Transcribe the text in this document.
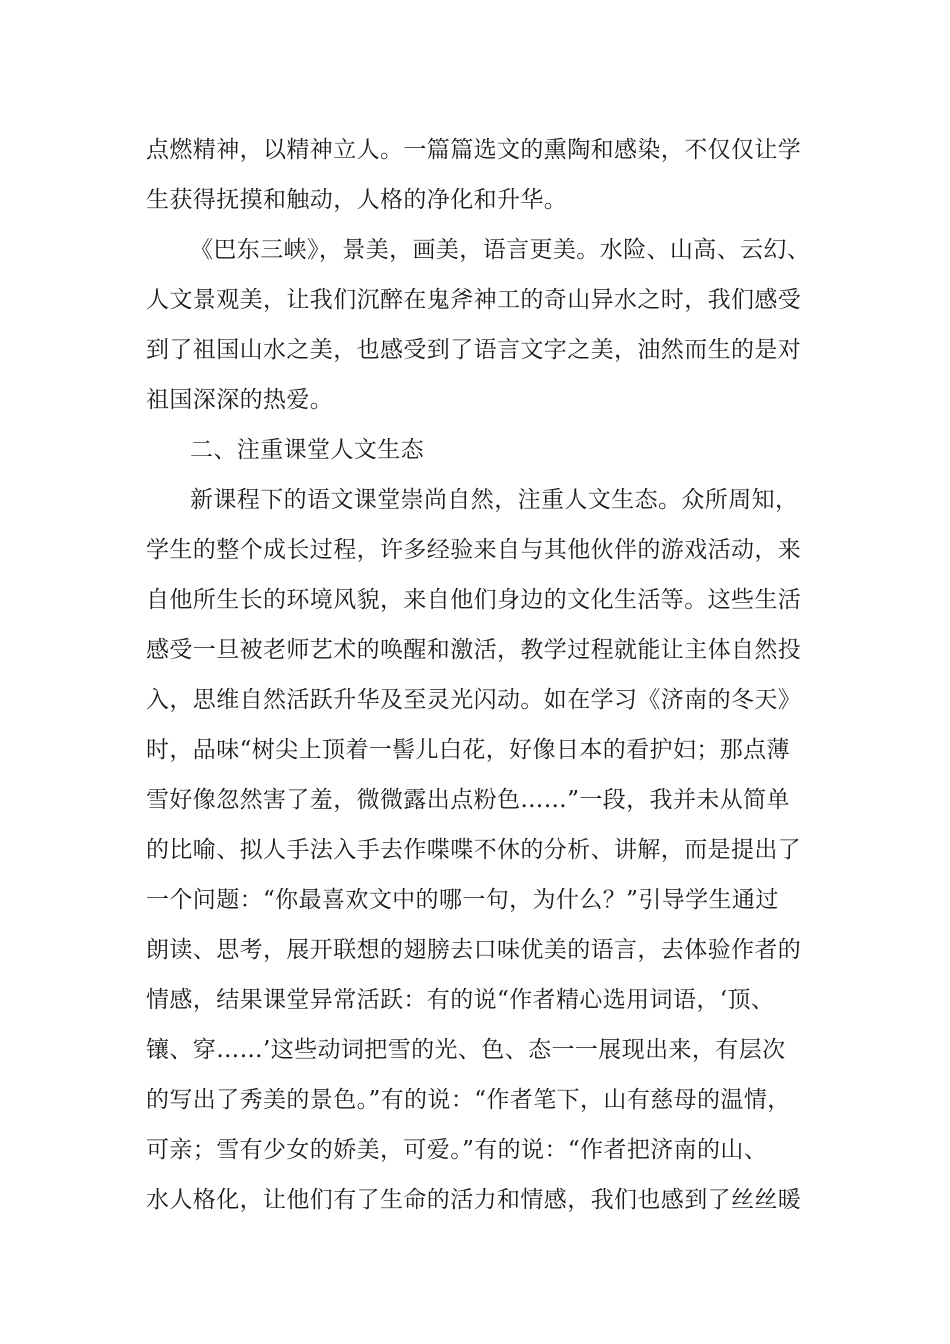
点燃精神，以精神立人。一篇篇选文的熏陶和感染，不仅仅让学

生获得抚摸和触动，人格的净化和升华。

《巴东三峡》，景美，画美，语言更美。水险、山高、云幻、

人文景观美，让我们沉醉在鬼斧神工的奇山异水之时，我们感受

到了祖国山水之美，也感受到了语言文字之美，油然而生的是对

祖国深深的热爱。

二、注重课堂人文生态

新课程下的语文课堂崇尚自然，注重人文生态。众所周知，

学生的整个成长过程，许多经验来自与其他伙伴的游戏活动，来

自他所生长的环境风貌，来自他们身边的文化生活等。这些生活

感受一旦被老师艺术的唤醒和激活，教学过程就能让主体自然投

入，思维自然活跃升华及至灵光闪动。如在学习《济南的冬天》

时，品味“树尖上顶着一髻儿白花，好像日本的看护妇；那点薄

雪好像忽然害了羞，微微露出点粉色……”一段，我并未从简单

的比喻、拟人手法入手去作喋喋不休的分析、讲解，而是提出了

一个问题：“你最喜欢文中的哪一句，为什么？”引导学生通过

朗读、思考，展开联想的翅膀去口味优美的语言，去体验作者的

情感，结果课堂异常活跃：有的说“作者精心选用词语，‘顶、

镶、穿……’这些动词把雪的光、色、态一一展现出来，有层次

的写出了秀美的景色。”有的说：“作者笔下，山有慈母的温情，

可亲；雪有少女的娇美，可爱。”有的说：“作者把济南的山、

水人格化，让他们有了生命的活力和情感，我们也感到了丝丝暖
